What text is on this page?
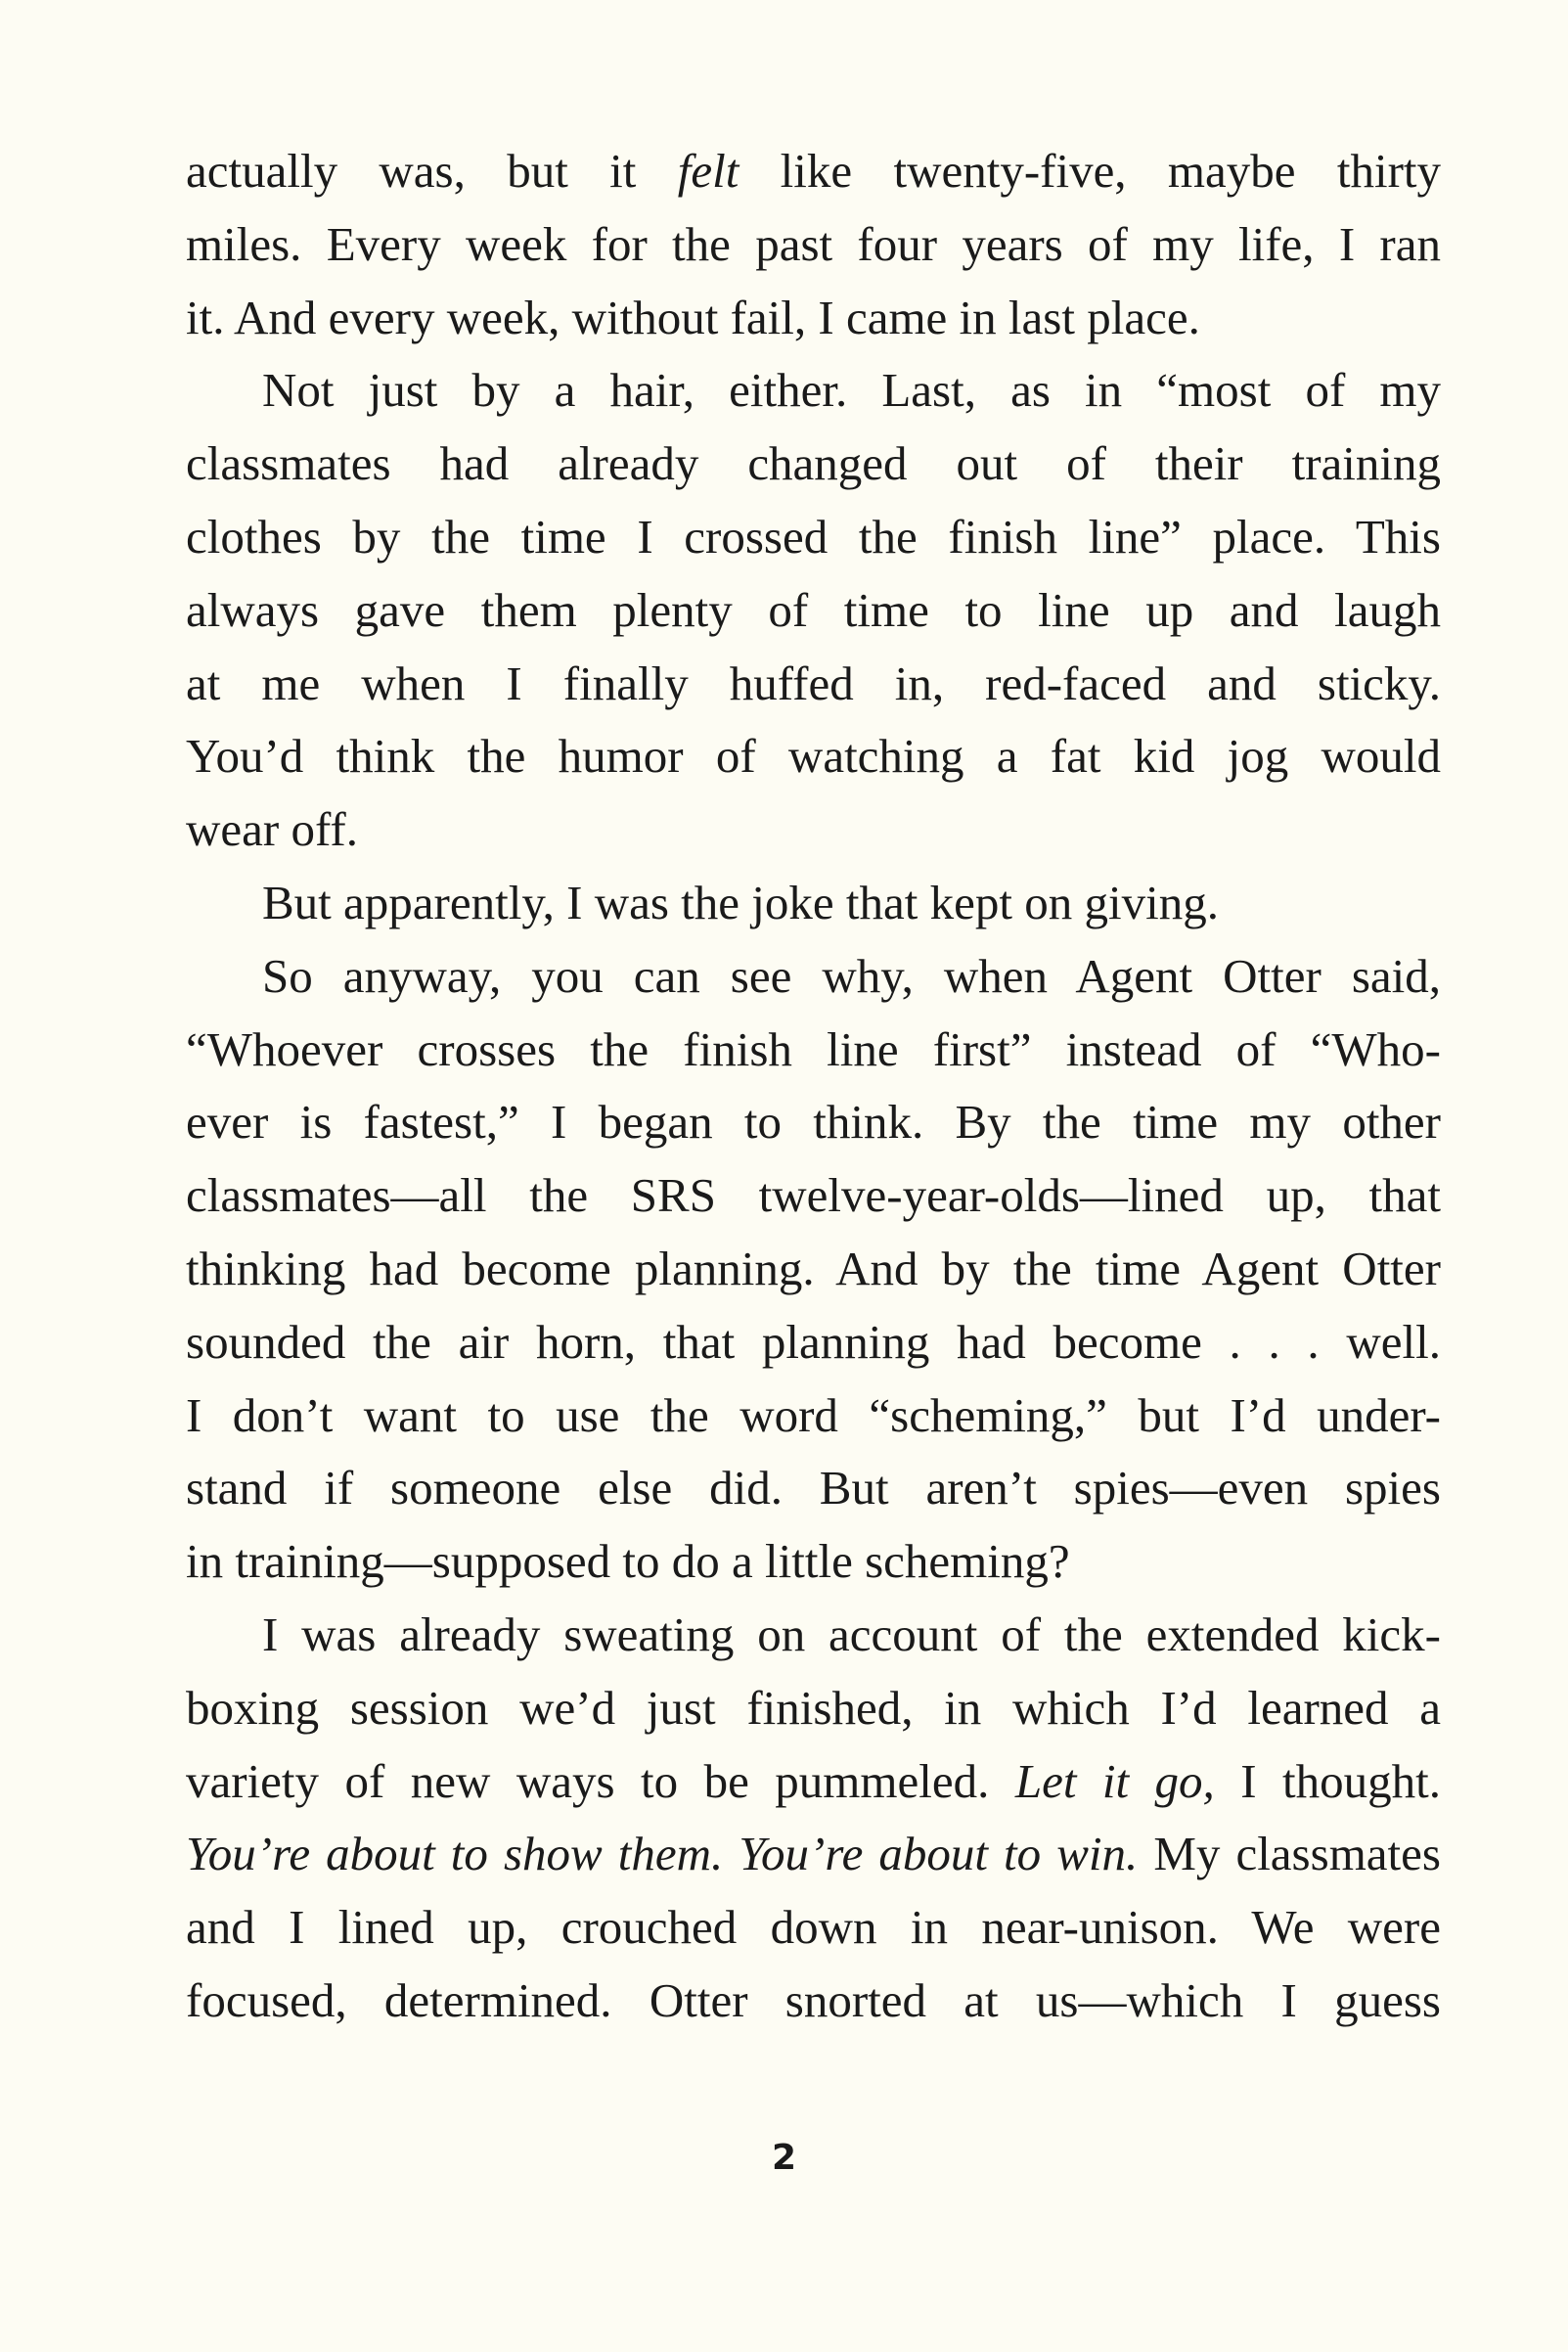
actually was, but it felt like twenty-five, maybe thirty
miles. Every week for the past four years of my life, I ran
it. And every week, without fail, I came in last place.
Not just by a hair, either. Last, as in “most of my
classmates had already changed out of their training
clothes by the time I crossed the finish line” place. This
always gave them plenty of time to line up and laugh
at me when I finally huffed in, red-faced and sticky.
You’d think the humor of watching a fat kid jog would
wear off.
But apparently, I was the joke that kept on giving.
So anyway, you can see why, when Agent Otter said,
“Whoever crosses the finish line first” instead of “Who-
ever is fastest,” I began to think. By the time my other
classmates—all the SRS twelve-year-olds—lined up, that
thinking had become planning. And by the time Agent Otter
sounded the air horn, that planning had become . . . well.
I don’t want to use the word “scheming,” but I’d under-
stand if someone else did. But aren’t spies—even spies
in training—supposed to do a little scheming?
I was already sweating on account of the extended kick-
boxing session we’d just finished, in which I’d learned a
variety of new ways to be pummeled. Let it go, I thought.
You’re about to show them. You’re about to win. My classmates
and I lined up, crouched down in near-unison. We were
focused, determined. Otter snorted at us—which I guess
2
